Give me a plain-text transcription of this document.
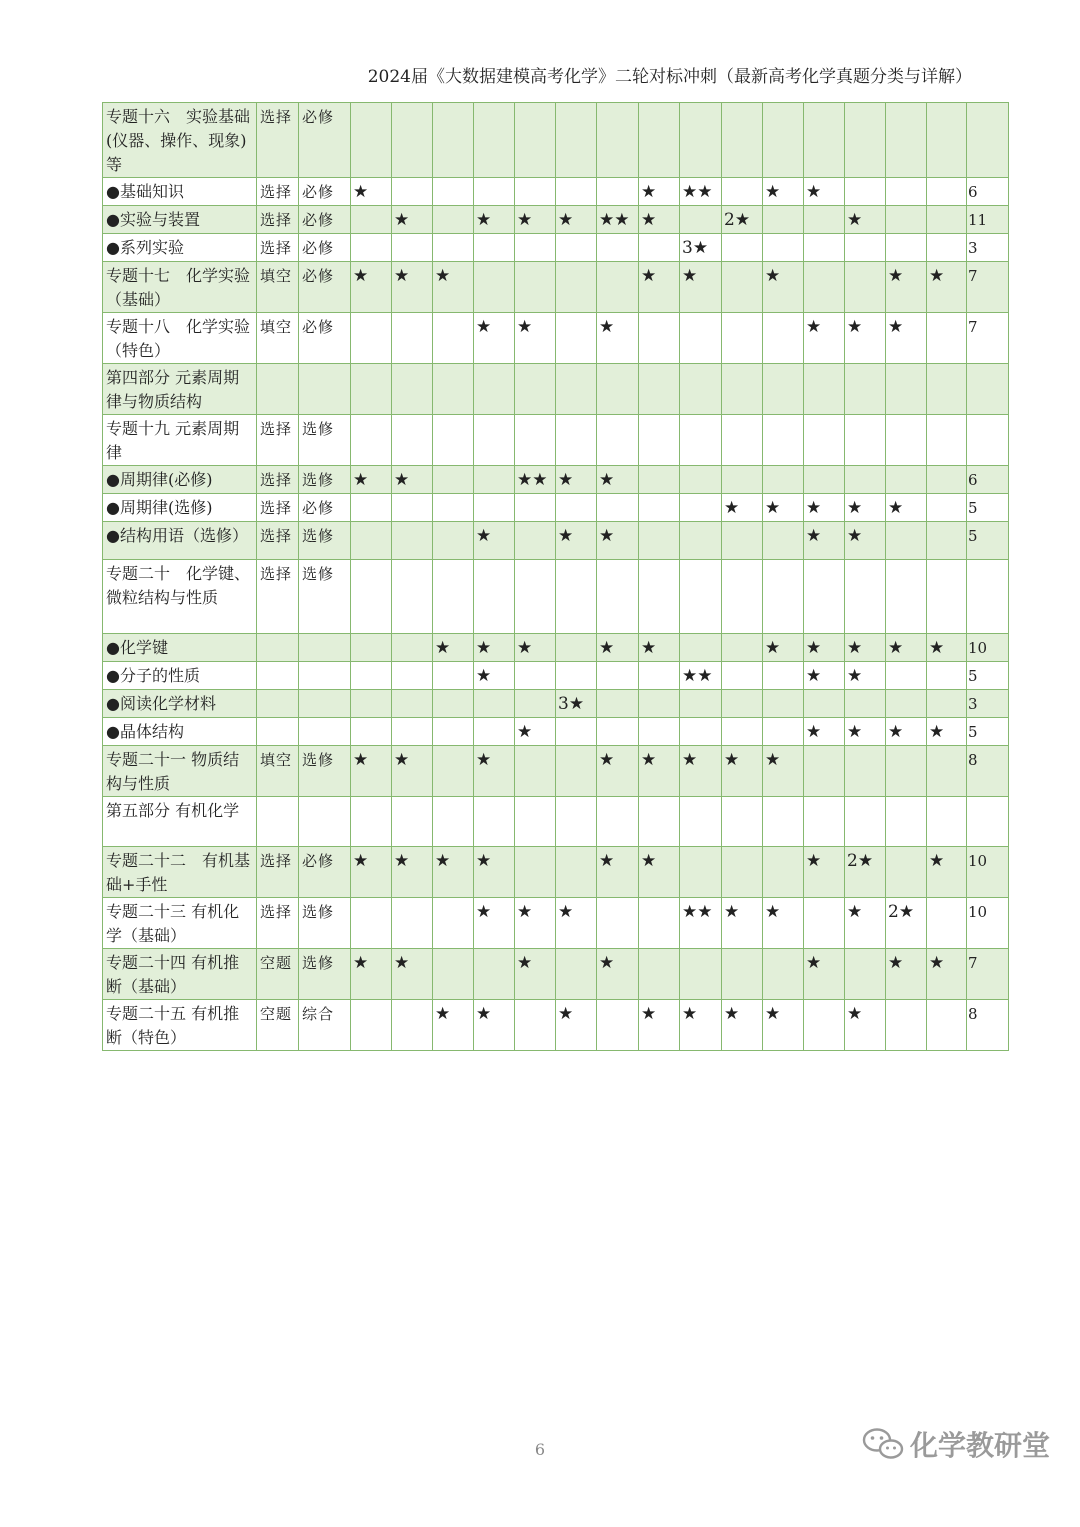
2024届《大数据建模高考化学》二轮对标冲刺（最新高考化学真题分类与详解）
专题十六　实验基础(仪器、操作、现象)等	选择	必修																
●基础知识	选择	必修	★							★	★★		★	★				6
●实验与装置	选择	必修		★		★	★	★	★★	★		2★			★			11
●系列实验	选择	必修									3★							3
专题十七　化学实验（基础）	填空	必修	★	★	★					★	★		★			★	★	7
专题十八　化学实验（特色）	填空	必修				★	★		★					★	★	★		7
第四部分 元素周期律与物质结构																		
专题十九 元素周期律	选择	选修																
●周期律(必修)	选择	选修	★	★			★★	★	★									6
●周期律(选修)	选择	必修										★	★	★	★	★		5
●结构用语（选修）	选择	选修				★		★	★					★	★			5
专题二十　化学键、微粒结构与性质	选择	选修																
●化学键					★	★	★		★	★			★	★	★	★	★	10
●分子的性质						★					★★			★	★			5
●阅读化学材料								3★										3
●晶体结构							★							★	★	★	★	5
专题二十一 物质结构与性质	填空	选修	★	★		★			★	★	★	★	★					8
第五部分 有机化学																		
专题二十二　有机基础+手性	选择	必修	★	★	★	★			★	★				★	2★		★	10
专题二十三 有机化学（基础）	选择	选修				★	★	★			★★	★	★		★	2★		10
专题二十四 有机推断（基础）	空题	选修	★	★			★		★					★		★	★	7
专题二十五 有机推断（特色）	空题	综合			★	★		★		★	★	★	★		★			8
6	化学教研堂
